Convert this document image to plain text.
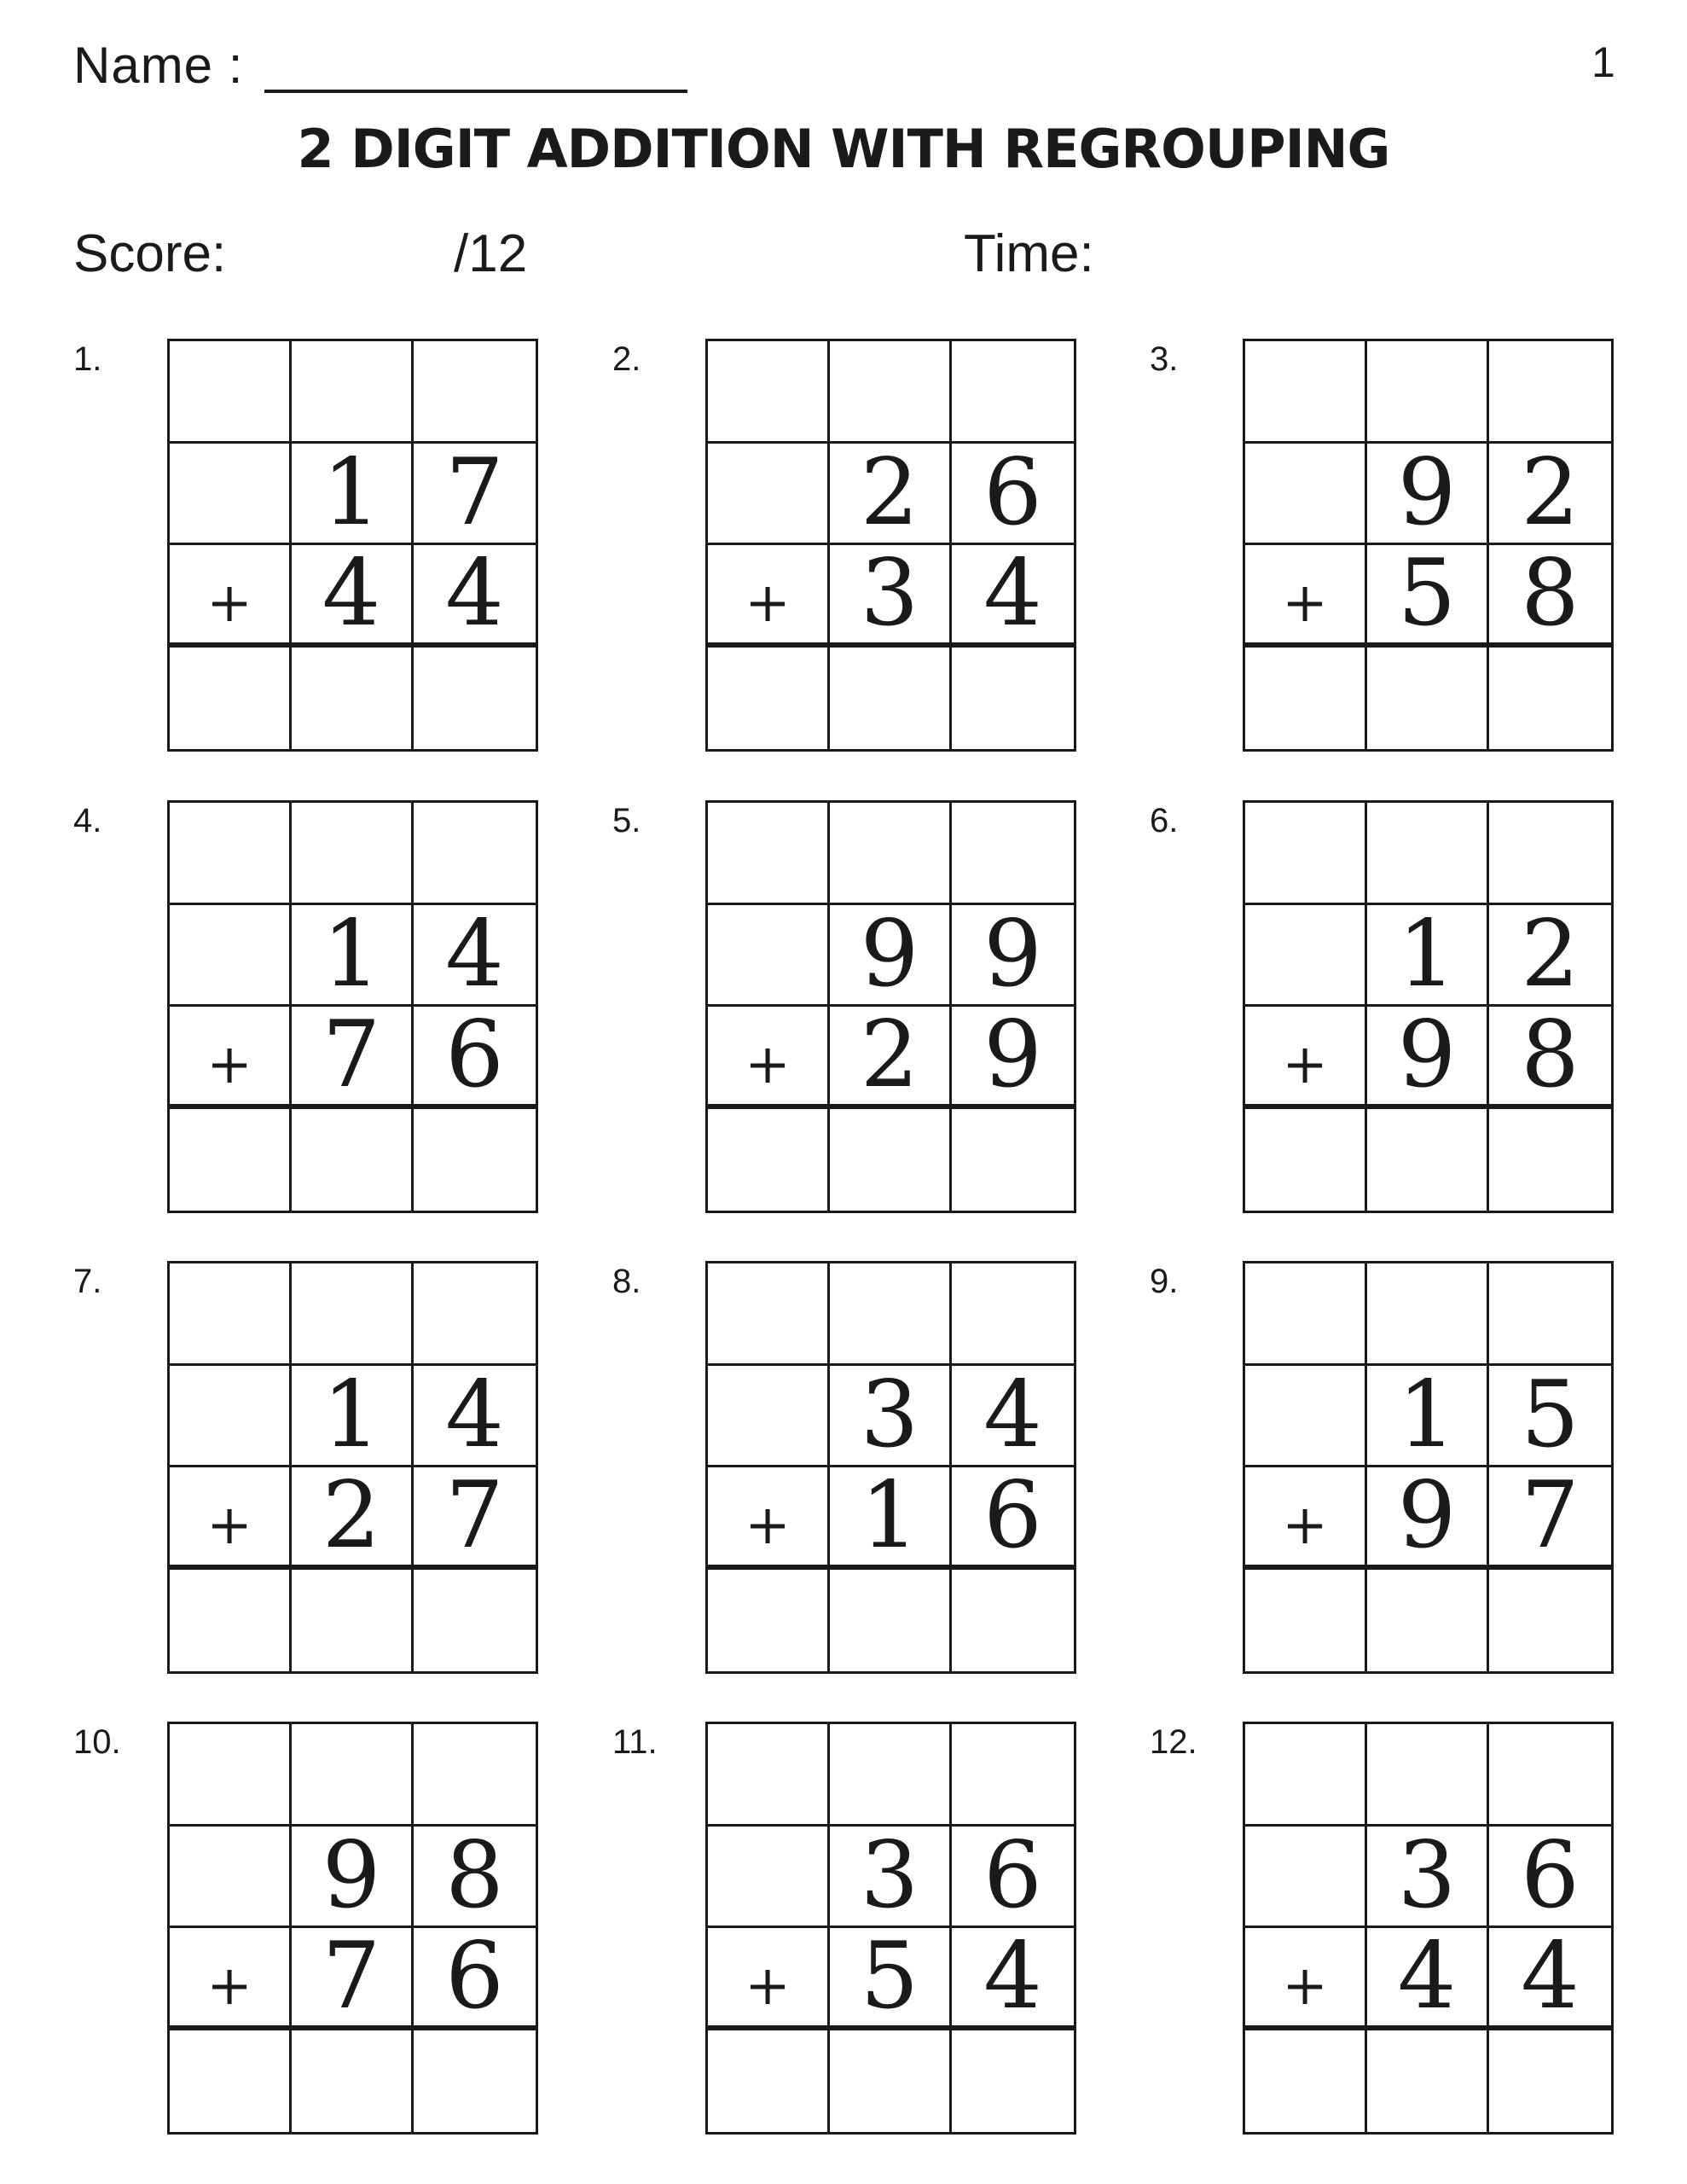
Name :	1
2 DIGIT ADDITION WITH REGROUPING
Score:	/12	Time:
1.
1 7
+ 4 4
2.
2 6
+ 3 4
3.
9 2
+ 5 8
4.
1 4
+ 7 6
5.
9 9
+ 2 9
6.
1 2
+ 9 8
7.
1 4
+ 2 7
8.
3 4
+ 1 6
9.
1 5
+ 9 7
10.
9 8
+ 7 6
11.
3 6
+ 5 4
12.
3 6
+ 4 4
